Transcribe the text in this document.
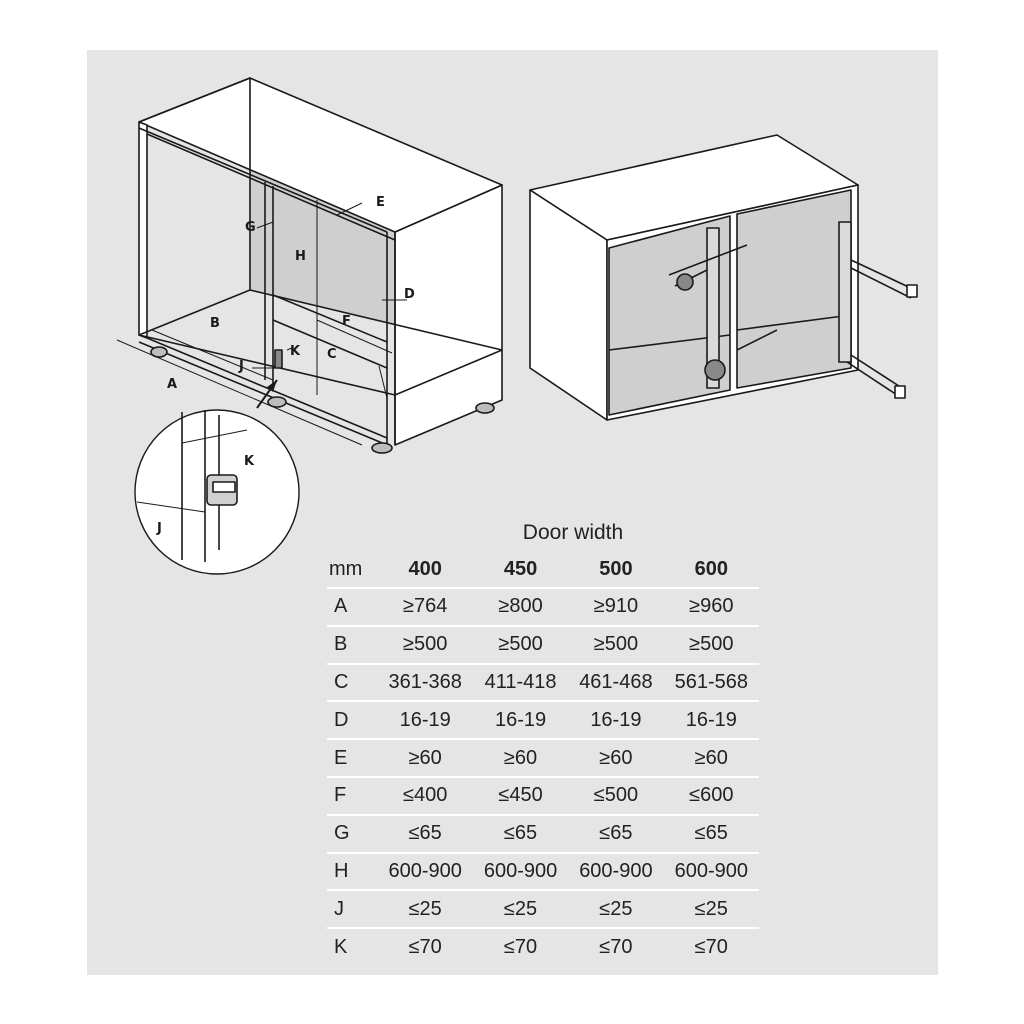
A
B
C
D
E
F
G
H
J
K
K
J	Door width
mm	400	450	500	600
A	≥764	≥800	≥910	≥960
B	≥500	≥500	≥500	≥500
C	361-368	411-418	461-468	561-568
D	16-19	16-19	16-19	16-19
E	≥60	≥60	≥60	≥60
F	≤400	≤450	≤500	≤600
G	≤65	≤65	≤65	≤65
H	600-900	600-900	600-900	600-900
J	≤25	≤25	≤25	≤25
K	≤70	≤70	≤70	≤70
